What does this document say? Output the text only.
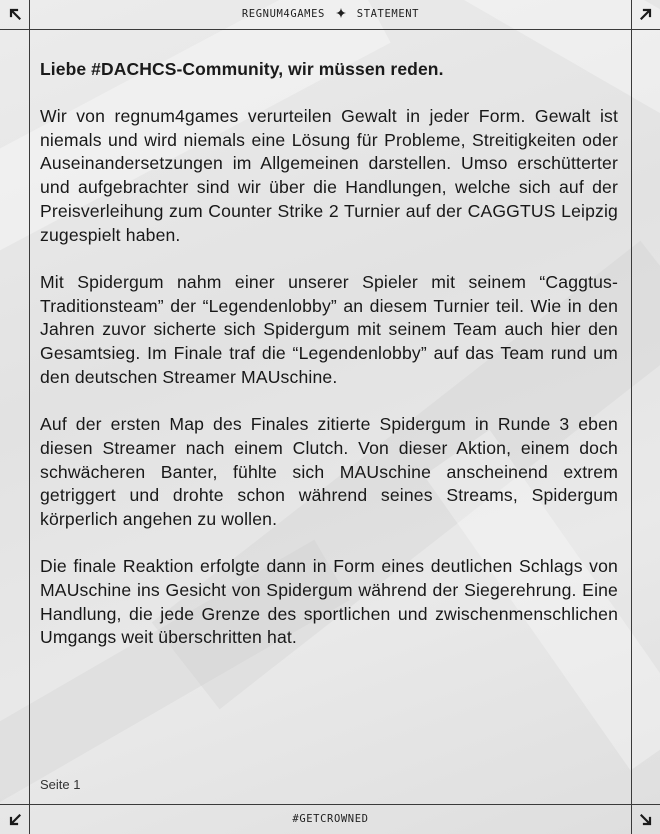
REGNUM4GAMES	STATEMENT
Liebe #DACHCS-Community, wir müssen reden.

Wir von regnum4games verurteilen Gewalt in jeder Form. Gewalt ist niemals und wird niemals eine Lösung für Probleme, Streitigkeiten oder Auseinandersetzungen im Allgemeinen darstellen. Umso erschütterter und aufgebrachter sind wir über die Handlungen, welche sich auf der Preisverleihung zum Counter Strike 2 Turnier auf der CAGGTUS Leipzig zugespielt haben.

Mit Spidergum nahm einer unserer Spieler mit seinem “Caggtus-Traditionsteam” der “Legendenlobby” an diesem Turnier teil. Wie in den Jahren zuvor sicherte sich Spidergum mit seinem Team auch hier den Gesamtsieg. Im Finale traf die “Legendenlobby” auf das Team rund um den deutschen Streamer MAUschine.

Auf der ersten Map des Finales zitierte Spidergum in Runde 3 eben diesen Streamer nach einem Clutch. Von dieser Aktion, einem doch schwächeren Banter, fühlte sich MAUschine anscheinend extrem getriggert und drohte schon während seines Streams, Spidergum körperlich angehen zu wollen.

Die finale Reaktion erfolgte dann in Form eines deutlichen Schlags von MAUschine ins Gesicht von Spidergum während der Siegerehrung. Eine Handlung, die jede Grenze des sportlichen und zwischenmenschlichen Umgangs weit überschritten hat.

Seite 1
#GETCROWNED
